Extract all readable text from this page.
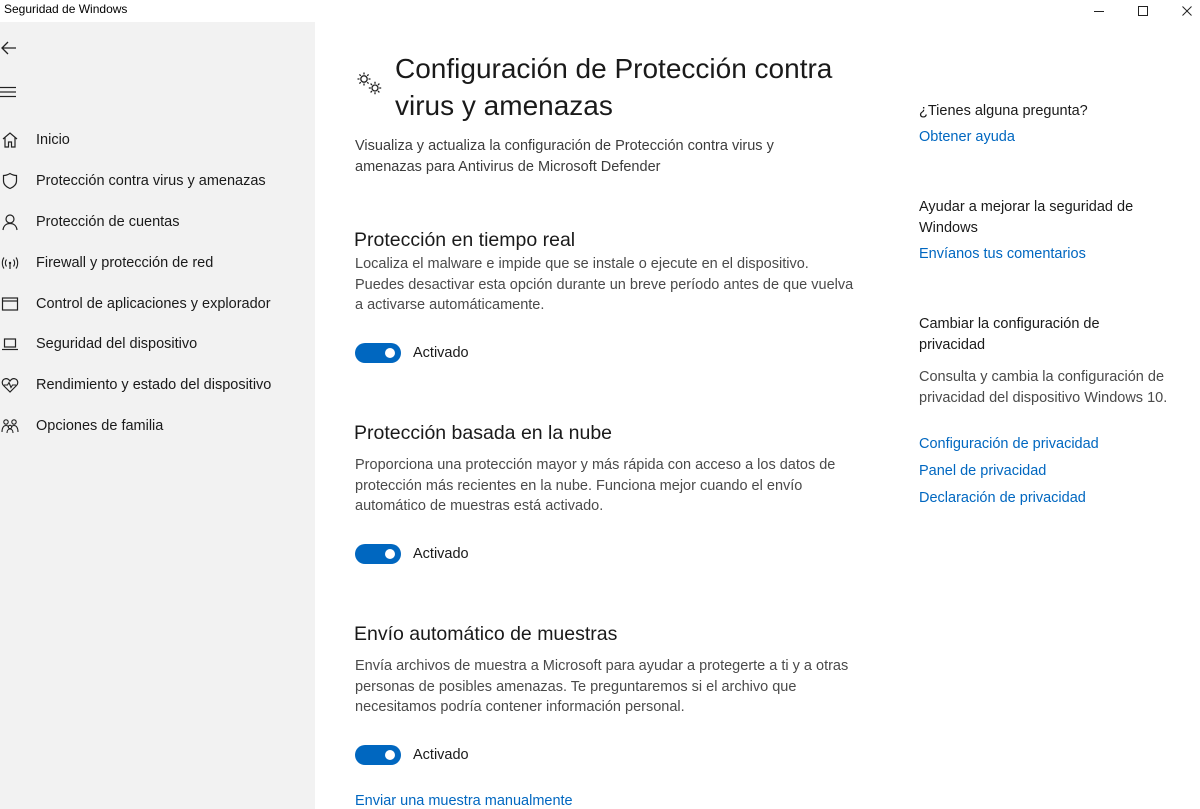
Seguridad de Windows
Inicio
Protección contra virus y amenazas
Protección de cuentas
Firewall y protección de red
Control de aplicaciones y explorador
Seguridad del dispositivo
Rendimiento y estado del dispositivo
Opciones de familia
Configuración de Protección contra virus y amenazas

Visualiza y actualiza la configuración de Protección contra virus y amenazas para Antivirus de Microsoft Defender

Protección en tiempo real
Localiza el malware e impide que se instale o ejecute en el dispositivo. Puedes desactivar esta opción durante un breve período antes de que vuelva a activarse automáticamente.
Activado
Protección basada en la nube
Proporciona una protección mayor y más rápida con acceso a los datos de protección más recientes en la nube. Funciona mejor cuando el envío automático de muestras está activado.
Activado
Envío automático de muestras
Envía archivos de muestra a Microsoft para ayudar a protegerte a ti y a otras personas de posibles amenazas. Te preguntaremos si el archivo que necesitamos podría contener información personal.
Activado
Enviar una muestra manualmente
¿Tienes alguna pregunta?
Obtener ayuda
Ayudar a mejorar la seguridad de Windows
Envíanos tus comentarios
Cambiar la configuración de privacidad
Consulta y cambia la configuración de privacidad del dispositivo Windows 10.
Configuración de privacidad
Panel de privacidad
Declaración de privacidad
